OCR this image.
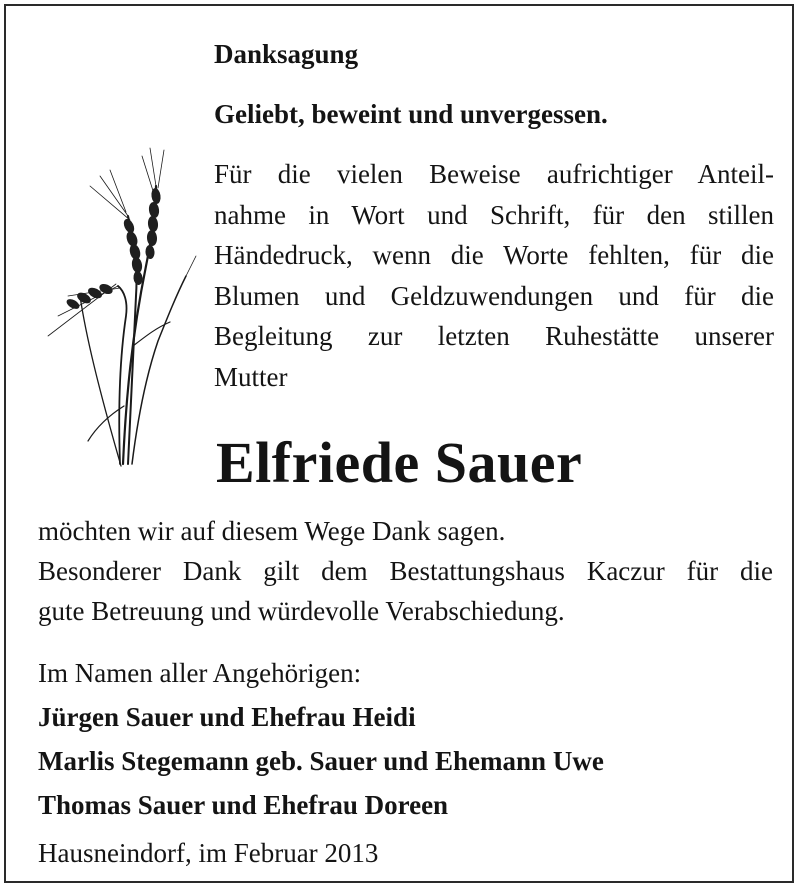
Danksagung
Geliebt, beweint und unvergessen.
Für die vielen Beweise aufrichtiger Anteil-
nahme in Wort und Schrift, für den stillen
Händedruck, wenn die Worte fehlten, für die
Blumen und Geldzuwendungen und für die
Begleitung zur letzten Ruhestätte unserer
Mutter
Elfriede Sauer
möchten wir auf diesem Wege Dank sagen.
Besonderer Dank gilt dem Bestattungshaus Kaczur für die
gute Betreuung und würdevolle Verabschiedung.
Im Namen aller Angehörigen:
Jürgen Sauer und Ehefrau Heidi
Marlis Stegemann geb. Sauer und Ehemann Uwe
Thomas Sauer und Ehefrau Doreen
Hausneindorf, im Februar 2013
